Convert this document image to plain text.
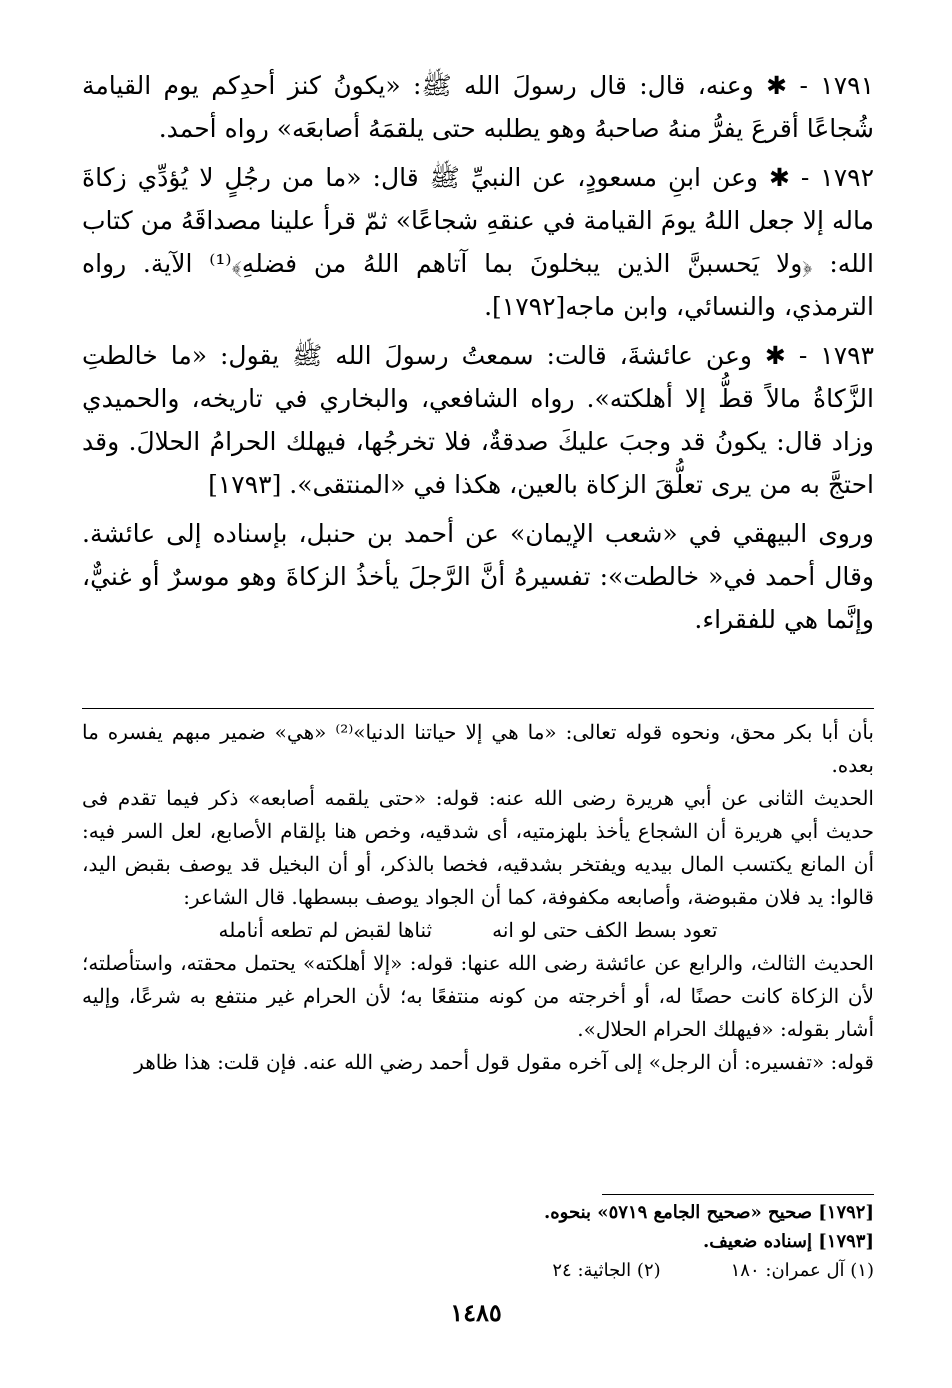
١٧٩١ - ✱ وعنه، قال: قال رسولَ الله ﷺ: «يكونُ كنز أحدِكم يوم القيامة شُجاعًا أقرعَ يفرُّ منهُ صاحبهُ وهو يطلبه حتى يلقمَهُ أصابعَه» رواه أحمد.

١٧٩٢ - ✱ وعن ابنِ مسعودٍ، عن النبيِّ ﷺ قال: «ما من رجُلٍ لا يُؤدِّي زكاةَ ماله إلا جعل اللهُ يومَ القيامة في عنقهِ شجاعًا» ثمّ قرأ علينا مصداقَهُ من كتاب الله: ﴿ولا يَحسبنَّ الذين يبخلونَ بما آتاهم اللهُ من فضلهِ﴾⁽¹⁾ الآية. رواه الترمذي، والنسائي، وابن ماجه[١٧٩٢].

١٧٩٣ - ✱ وعن عائشةَ، قالت: سمعتُ رسولَ الله ﷺ يقول: «ما خالطتِ الزَّكاةُ مالاً قطُّ إلا أهلكته». رواه الشافعي، والبخاري في تاريخه، والحميدي وزاد قال: يكونُ قد وجبَ عليكَ صدقةٌ، فلا تخرجُها، فيهلك الحرامُ الحلالَ. وقد احتجَّ به من يرى تعلُّقَ الزكاة بالعين، هكذا في «المنتقى». [١٧٩٣]

وروى البيهقي في «شعب الإيمان» عن أحمد بن حنبل، بإسناده إلى عائشة. وقال أحمد في« خالطت»: تفسيرهُ أنَّ الرَّجلَ يأخذُ الزكاةَ وهو موسرٌ أو غنيٌّ، وإنَّما هي للفقراء.

بأن أبا بكر محق، ونحوه قوله تعالى: «ما هي إلا حياتنا الدنيا»⁽²⁾ «هي» ضمير مبهم يفسره ما بعده.

الحديث الثانى عن أبي هريرة رضى الله عنه: قوله: «حتى يلقمه أصابعه» ذكر فيما تقدم فى حديث أبي هريرة أن الشجاع يأخذ بلهزمتيه، أى شدقيه، وخص هنا بإلقام الأصابع، لعل السر فيه: أن المانع يكتسب المال بيديه ويفتخر بشدقيه، فخصا بالذكر، أو أن البخيل قد يوصف بقبض اليد، قالوا: يد فلان مقبوضة، وأصابعه مكفوفة، كما أن الجواد يوصف ببسطها. قال الشاعر:

تعود بسط الكف حتى لو انه
ثناها لقبض لم تطعه أنامله

الحديث الثالث، والرابع عن عائشة رضى الله عنها: قوله: «إلا أهلكته» يحتمل محقته، واستأصلته؛ لأن الزكاة كانت حصنًا له، أو أخرجته من كونه منتفعًا به؛ لأن الحرام غير منتفع به شرعًا، وإليه أشار بقوله: «فيهلك الحرام الحلال».

قوله: «تفسيره: أن الرجل» إلى آخره مقول قول أحمد رضي الله عنه. فإن قلت: هذا ظاهر

[١٧٩٢] صحيح «صحيح الجامع ٥٧١٩» بنحوه.
[١٧٩٣] إسناده ضعيف.
(١) آل عمران: ١٨٠
(٢) الجاثية: ٢٤
١٤٨٥
